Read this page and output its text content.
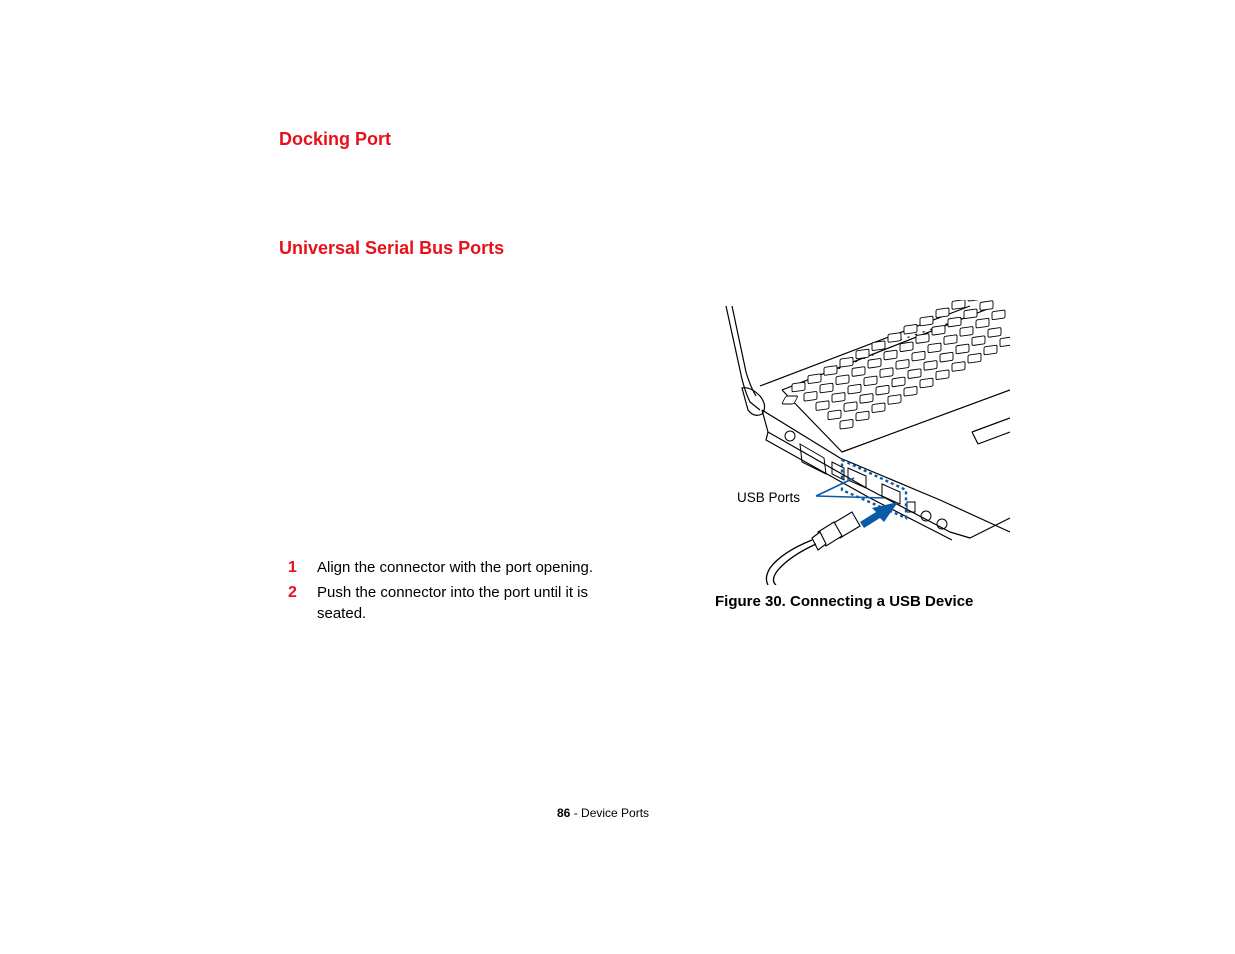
Docking Port
Universal Serial Bus Ports
1 Align the connector with the port opening.
2 Push the connector into the port until it is seated.
USB Ports
Figure 30. Connecting a USB Device
86 - Device Ports
